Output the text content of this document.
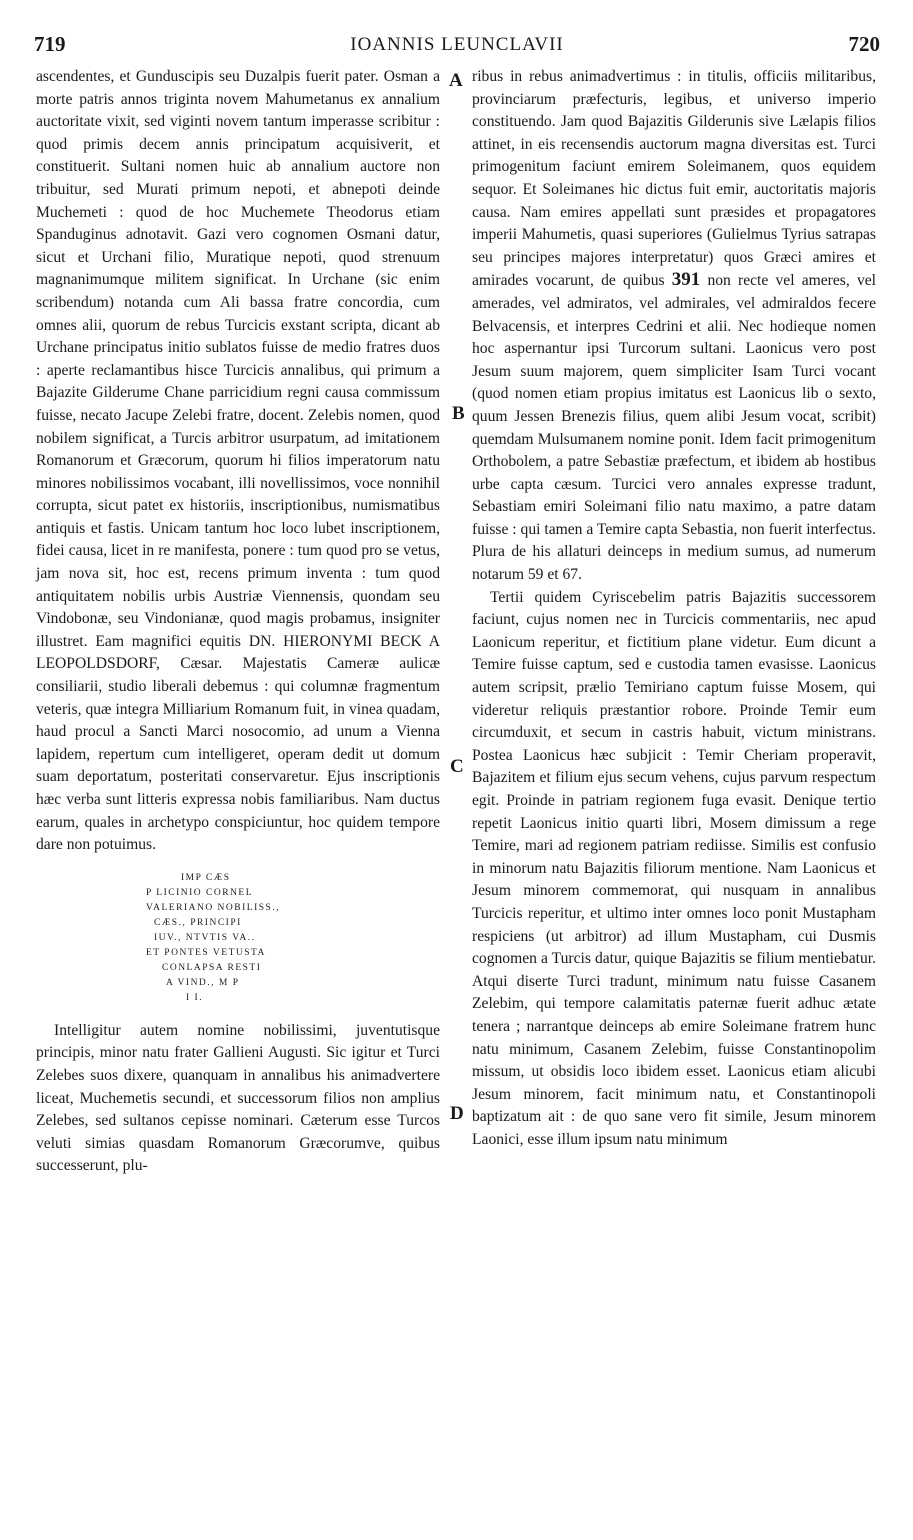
719	IOANNIS LEUNCLAVII	720
A
B
C
D

ascendentes, et Gunduscipis seu Duzalpis fuerit pater. Osman a morte patris annos triginta novem Mahumetanus ex annalium auctoritate vixit, sed viginti novem tantum imperasse scribitur : quod primis decem annis principatum acquisiverit, et constituerit. Sultani nomen huic ab annalium auctore non tribuitur, sed Murati primum nepoti, et abnepoti deinde Muchemeti : quod de hoc Muchemete Theodorus etiam Spanduginus adnotavit. Gazi vero cognomen Osmani datur, sicut et Urchani filio, Muratique nepoti, quod strenuum magnanimumque militem significat. In Urchane (sic enim scribendum) notanda cum Ali bassa fratre concordia, cum omnes alii, quorum de rebus Turcicis exstant scripta, dicant ab Urchane principatus initio sublatos fuisse de medio fratres duos : aperte reclamantibus hisce Turcicis annalibus, qui primum a Bajazite Gilderume Chane parricidium regni causa commissum fuisse, necato Jacupe Zelebi fratre, docent. Zelebis nomen, quod nobilem significat, a Turcis arbitror usurpatum, ad imitationem Romanorum et Græcorum, quorum hi filios imperatorum natu minores nobilissimos vocabant, illi novellissimos, voce nonnihil corrupta, sicut patet ex historiis, inscriptionibus, numismatibus antiquis et fastis. Unicam tantum hoc loco lubet inscriptionem, fidei causa, licet in re manifesta, ponere : tum quod pro se vetus, jam nova sit, hoc est, recens primum inventa : tum quod antiquitatem nobilis urbis Austriæ Viennensis, quondam seu Vindobonæ, seu Vindonianæ, quod magis probamus, insigniter illustret. Eam magnifici equitis DN. HIERONYMI BECK A LEOPOLDSDORF, Cæsar. Majestatis Cameræ aulicæ consiliarii, studio liberali debemus : qui columnæ fragmentum veteris, quæ integra Milliarium Romanum fuit, in vinea quadam, haud procul a Sancti Marci nosocomio, ad unum a Vienna lapidem, repertum cum intelligeret, operam dedit ut domum suam deportatum, posteritati conservaretur. Ejus inscriptionis hæc verba sunt litteris expressa nobis familiaribus. Nam ductus earum, quales in archetypo conspiciuntur, hoc quidem tempore dare non potuimus.

IMP CÆS
P LICINIO CORNEL
VALERIANO NOBILISS.,
CÆS., PRINCIPI
IUV., NTVTIS VA..
ET PONTES VETUSTA
CONLAPSA RESTI
A VIND., M P
I I.

Intelligitur autem nomine nobilissimi, juventutisque principis, minor natu frater Gallieni Augusti. Sic igitur et Turci Zelebes suos dixere, quanquam in annalibus his animadvertere liceat, Muchemetis secundi, et successorum filios non amplius Zelebes, sed sultanos cepisse nominari. Cæterum esse Turcos veluti simias quasdam Romanorum Græcorumve, quibus successerunt, plu-

ribus in rebus animadvertimus : in titulis, officiis militaribus, provinciarum præfecturis, legibus, et universo imperio constituendo. Jam quod Bajazitis Gilderunis sive Lælapis filios attinet, in eis recensendis auctorum magna diversitas est. Turci primogenitum faciunt emirem Soleimanem, quos equidem sequor. Et Soleimanes hic dictus fuit emir, auctoritatis majoris causa. Nam emires appellati sunt præsides et propagatores imperii Mahumetis, quasi superiores (Gulielmus Tyrius satrapas seu principes majores interpretatur) quos Græci amires et amirades vocarunt, de quibus 391 non recte vel ameres, vel amerades, vel admiratos, vel admirales, vel admiraldos fecere Belvacensis, et interpres Cedrini et alii. Nec hodieque nomen hoc aspernantur ipsi Turcorum sultani. Laonicus vero post Jesum suum majorem, quem simpliciter Isam Turci vocant (quod nomen etiam propius imitatus est Laonicus lib o sexto, quum Jessen Brenezis filius, quem alibi Jesum vocat, scribit) quemdam Mulsumanem nomine ponit. Idem facit primogenitum Orthobolem, a patre Sebastiæ præfectum, et ibidem ab hostibus urbe capta cæsum. Turcici vero annales expresse tradunt, Sebastiam emiri Soleimani filio natu maximo, a patre datam fuisse : qui tamen a Temire capta Sebastia, non fuerit interfectus. Plura de his allaturi deinceps in medium sumus, ad numerum notarum 59 et 67.

Tertii quidem Cyriscebelim patris Bajazitis successorem faciunt, cujus nomen nec in Turcicis commentariis, nec apud Laonicum reperitur, et fictitium plane videtur. Eum dicunt a Temire fuisse captum, sed e custodia tamen evasisse. Laonicus autem scripsit, prælio Temiriano captum fuisse Mosem, qui videretur reliquis præstantior robore. Proinde Temir eum circumduxit, et secum in castris habuit, victum ministrans. Postea Laonicus hæc subjicit : Temir Cheriam properavit, Bajazitem et filium ejus secum vehens, cujus parvum respectum egit. Proinde in patriam regionem fuga evasit. Denique tertio repetit Laonicus initio quarti libri, Mosem dimissum a rege Temire, mari ad regionem patriam rediisse. Similis est confusio in minorum natu Bajazitis filiorum mentione. Nam Laonicus et Jesum minorem commemorat, qui nusquam in annalibus Turcicis reperitur, et ultimo inter omnes loco ponit Mustapham respiciens (ut arbitror) ad illum Mustapham, cui Dusmis cognomen a Turcis datur, quique Bajazitis se filium mentiebatur. Atqui diserte Turci tradunt, minimum natu fuisse Casanem Zelebim, qui tempore calamitatis paternæ fuerit adhuc ætate tenera ; narrantque deinceps ab emire Soleimane fratrem hunc natu minimum, Casanem Zelebim, fuisse Constantinopolim missum, ut obsidis loco ibidem esset. Laonicus etiam alicubi Jesum minorem, facit minimum natu, et Constantinopoli baptizatum ait : de quo sane vero fit simile, Jesum minorem Laonici, esse illum ipsum natu minimum
